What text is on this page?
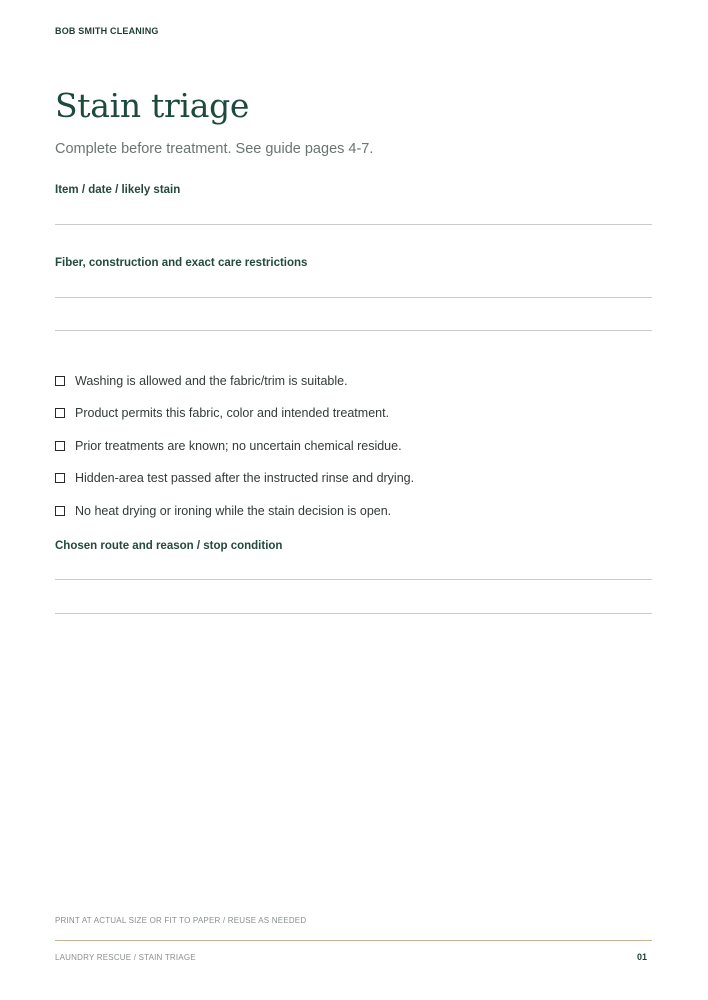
BOB SMITH CLEANING
Stain triage
Complete before treatment. See guide pages 4-7.
Item / date / likely stain
Fiber, construction and exact care restrictions
Washing is allowed and the fabric/trim is suitable.
Product permits this fabric, color and intended treatment.
Prior treatments are known; no uncertain chemical residue.
Hidden-area test passed after the instructed rinse and drying.
No heat drying or ironing while the stain decision is open.
Chosen route and reason / stop condition
PRINT AT ACTUAL SIZE OR FIT TO PAPER / REUSE AS NEEDED
LAUNDRY RESCUE / STAIN TRIAGE	01
